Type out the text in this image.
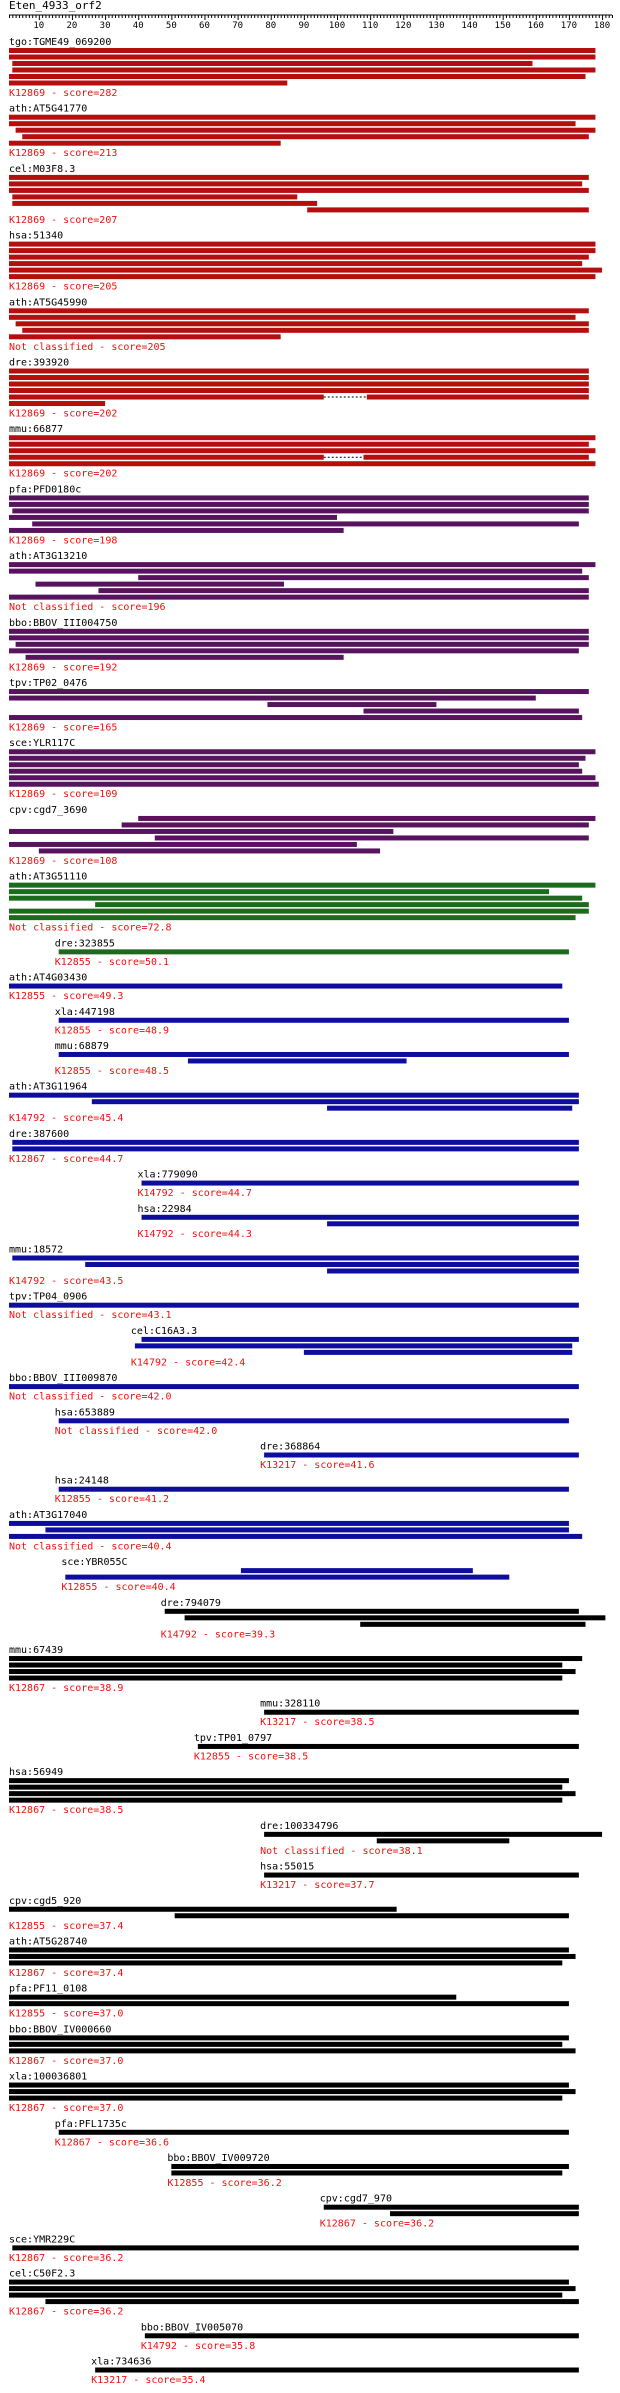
Eten_4933_orf2
10 20 30 40 50 60 70 80 90 100 110 120 130 140 150 160 170 180
tgo:TGME49_069200
K12869 - score=282
ath:AT5G41770
K12869 - score=213
cel:M03F8.3
K12869 - score=207
hsa:51340
K12869 - score=205
ath:AT5G45990
Not classified - score=205
dre:393920
K12869 - score=202
mmu:66877
K12869 - score=202
pfa:PFD0180c
K12869 - score=198
ath:AT3G13210
Not classified - score=196
bbo:BBOV_III004750
K12869 - score=192
tpv:TP02_0476
K12869 - score=165
sce:YLR117C
K12869 - score=109
cpv:cgd7_3690
K12869 - score=108
ath:AT3G51110
Not classified - score=72.8
dre:323855
K12855 - score=50.1
ath:AT4G03430
K12855 - score=49.3
xla:447198
K12855 - score=48.9
mmu:68879
K12855 - score=48.5
ath:AT3G11964
K14792 - score=45.4
dre:387600
K12867 - score=44.7
xla:779090
K14792 - score=44.7
hsa:22984
K14792 - score=44.3
mmu:18572
K14792 - score=43.5
tpv:TP04_0906
Not classified - score=43.1
cel:C16A3.3
K14792 - score=42.4
bbo:BBOV_III009870
Not classified - score=42.0
hsa:653889
Not classified - score=42.0
dre:368864
K13217 - score=41.6
hsa:24148
K12855 - score=41.2
ath:AT3G17040
Not classified - score=40.4
sce:YBR055C
K12855 - score=40.4
dre:794079
K14792 - score=39.3
mmu:67439
K12867 - score=38.9
mmu:328110
K13217 - score=38.5
tpv:TP01_0797
K12855 - score=38.5
hsa:56949
K12867 - score=38.5
dre:100334796
Not classified - score=38.1
hsa:55015
K13217 - score=37.7
cpv:cgd5_920
K12855 - score=37.4
ath:AT5G28740
K12867 - score=37.4
pfa:PF11_0108
K12855 - score=37.0
bbo:BBOV_IV000660
K12867 - score=37.0
xla:100036801
K12867 - score=37.0
pfa:PFL1735c
K12867 - score=36.6
bbo:BBOV_IV009720
K12855 - score=36.2
cpv:cgd7_970
K12867 - score=36.2
sce:YMR229C
K12867 - score=36.2
cel:C50F2.3
K12867 - score=36.2
bbo:BBOV_IV005070
K14792 - score=35.8
xla:734636
K13217 - score=35.4
